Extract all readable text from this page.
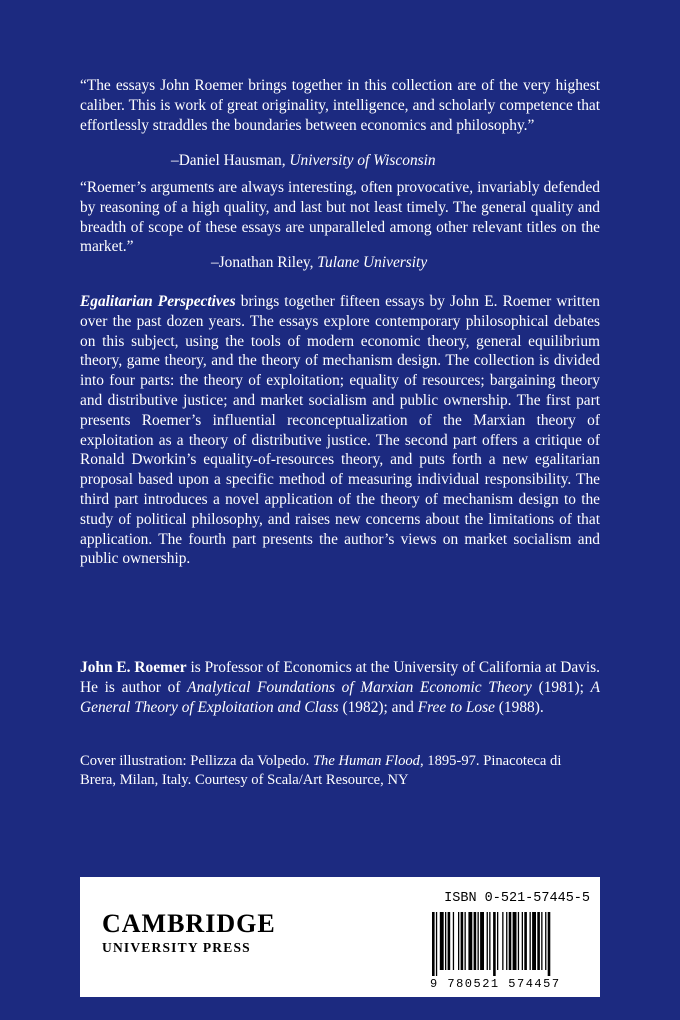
“The essays John Roemer brings together in this collection are of the very highest caliber. This is work of great originality, intelligence, and scholarly competence that effortlessly straddles the boundaries between economics and philosophy.”

–Daniel Hausman, University of Wisconsin

“Roemer’s arguments are always interesting, often provocative, invariably defended by reasoning of a high quality, and last but not least timely. The general quality and breadth of scope of these essays are unparalleled among other relevant titles on the market.”

–Jonathan Riley, Tulane University

Egalitarian Perspectives brings together fifteen essays by John E. Roemer written over the past dozen years. The essays explore contemporary philosophical debates on this subject, using the tools of modern economic theory, general equilibrium theory, game theory, and the theory of mechanism design. The collection is divided into four parts: the theory of exploitation; equality of resources; bargaining theory and distributive justice; and market socialism and public ownership. The first part presents Roemer’s influential reconceptualization of the Marxian theory of exploitation as a theory of distributive justice. The second part offers a critique of Ronald Dworkin’s equality-of-resources theory, and puts forth a new egalitarian proposal based upon a specific method of measuring individual responsibility. The third part introduces a novel application of the theory of mechanism design to the study of political philosophy, and raises new concerns about the limitations of that application. The fourth part presents the author’s views on market socialism and public ownership.

John E. Roemer is Professor of Economics at the University of California at Davis. He is author of Analytical Foundations of Marxian Economic Theory (1981); A General Theory of Exploitation and Class (1982); and Free to Lose (1988).

Cover illustration: Pellizza da Volpedo. The Human Flood, 1895-97. Pinacoteca di Brera, Milan, Italy. Courtesy of Scala/Art Resource, NY

CAMBRIDGE
UNIVERSITY PRESS
ISBN 0-521-57445-5
9 780521 574457
